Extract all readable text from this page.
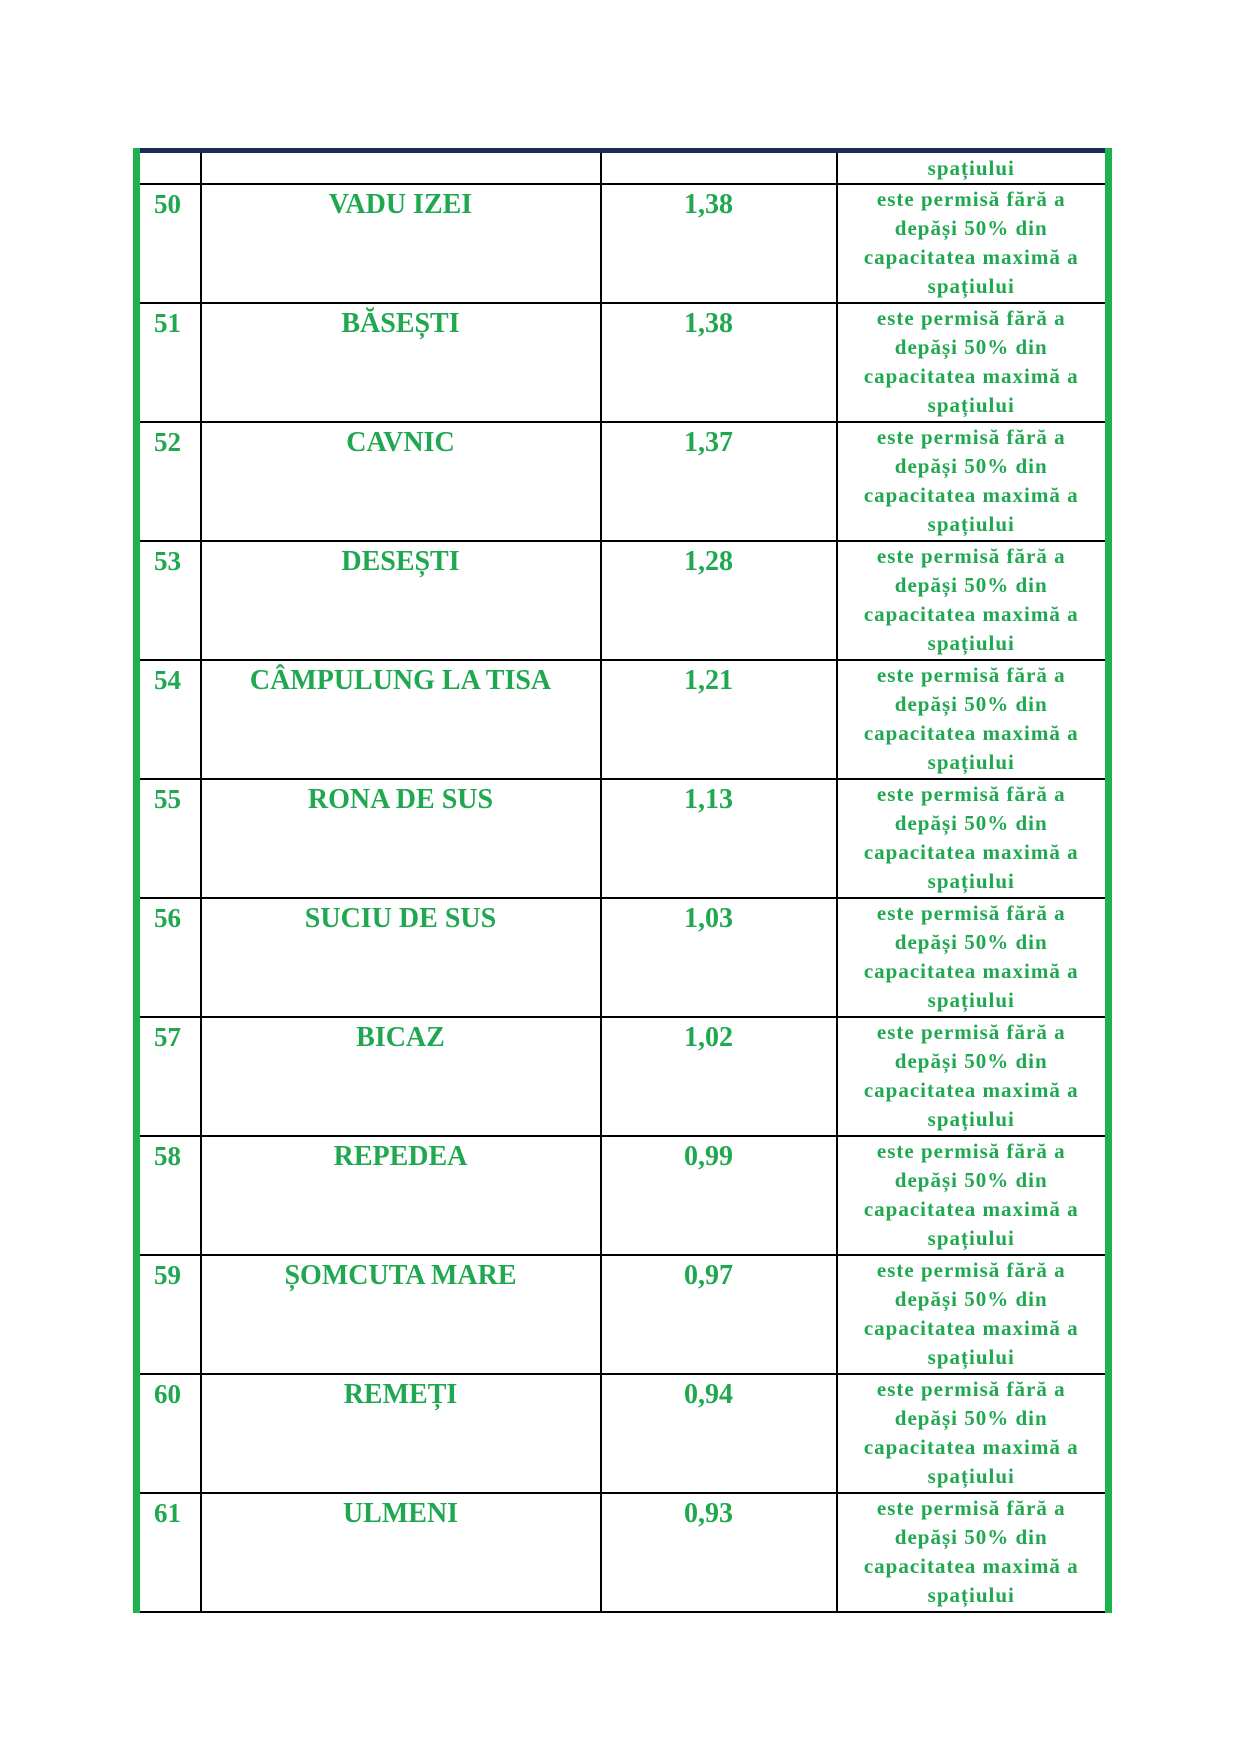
			spațiului
50	VADU IZEI	1,38	este permisă fără a
depăși 50% din
capacitatea maximă a
spațiului

51	BĂSEȘTI	1,38	este permisă fără a
depăși 50% din
capacitatea maximă a
spațiului

52	CAVNIC	1,37	este permisă fără a
depăși 50% din
capacitatea maximă a
spațiului

53	DESEȘTI	1,28	este permisă fără a
depăși 50% din
capacitatea maximă a
spațiului

54	CÂMPULUNG LA TISA	1,21	este permisă fără a
depăși 50% din
capacitatea maximă a
spațiului

55	RONA DE SUS	1,13	este permisă fără a
depăși 50% din
capacitatea maximă a
spațiului

56	SUCIU DE SUS	1,03	este permisă fără a
depăși 50% din
capacitatea maximă a
spațiului

57	BICAZ	1,02	este permisă fără a
depăși 50% din
capacitatea maximă a
spațiului

58	REPEDEA	0,99	este permisă fără a
depăși 50% din
capacitatea maximă a
spațiului

59	ȘOMCUTA MARE	0,97	este permisă fără a
depăși 50% din
capacitatea maximă a
spațiului

60	REMEȚI	0,94	este permisă fără a
depăși 50% din
capacitatea maximă a
spațiului

61	ULMENI	0,93	este permisă fără a
depăși 50% din
capacitatea maximă a
spațiului
